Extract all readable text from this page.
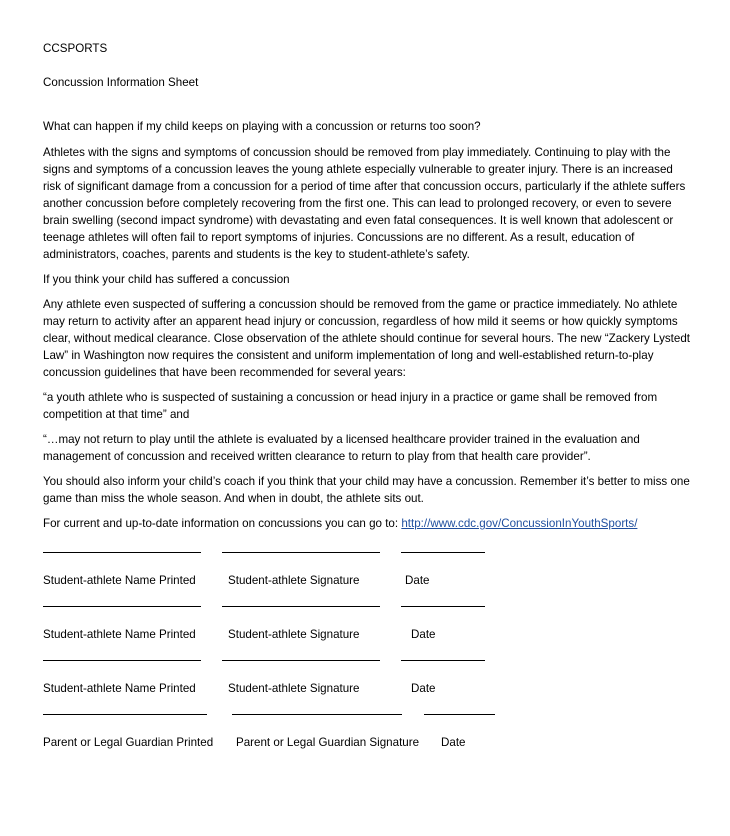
CCSPORTS

Concussion Information Sheet

What can happen if my child keeps on playing with a concussion or returns too soon?

Athletes with the signs and symptoms of concussion should be removed from play immediately. Continuing to play with the signs and symptoms of a concussion leaves the young athlete especially vulnerable to greater injury. There is an increased risk of significant damage from a concussion for a period of time after that concussion occurs, particularly if the athlete suffers another concussion before completely recovering from the first one. This can lead to prolonged recovery, or even to severe brain swelling (second impact syndrome) with devastating and even fatal consequences. It is well known that adolescent or teenage athletes will often fail to report symptoms of injuries. Concussions are no different. As a result, education of administrators, coaches, parents and students is the key to student-athlete’s safety.

If you think your child has suffered a concussion

Any athlete even suspected of suffering a concussion should be removed from the game or practice immediately. No athlete may return to activity after an apparent head injury or concussion, regardless of how mild it seems or how quickly symptoms clear, without medical clearance. Close observation of the athlete should continue for several hours. The new “Zackery Lystedt Law” in Washington now requires the consistent and uniform implementation of long and well-established return-to-play concussion guidelines that have been recommended for several years:

“a youth athlete who is suspected of sustaining a concussion or head injury in a practice or game shall be removed from competition at that time” and

“…may not return to play until the athlete is evaluated by a licensed healthcare provider trained in the evaluation and management of concussion and received written clearance to return to play from that health care provider”.

You should also inform your child’s coach if you think that your child may have a concussion. Remember it’s better to miss one game than miss the whole season. And when in doubt, the athlete sits out.

For current and up-to-date information on concussions you can go to: http://www.cdc.gov/ConcussionInYouthSports/

Student-athlete Name Printed	Student-athlete Signature	Date
Student-athlete Name Printed	Student-athlete Signature	Date
Student-athlete Name Printed	Student-athlete Signature	Date
Parent or Legal Guardian Printed Parent or Legal Guardian Signature Date
